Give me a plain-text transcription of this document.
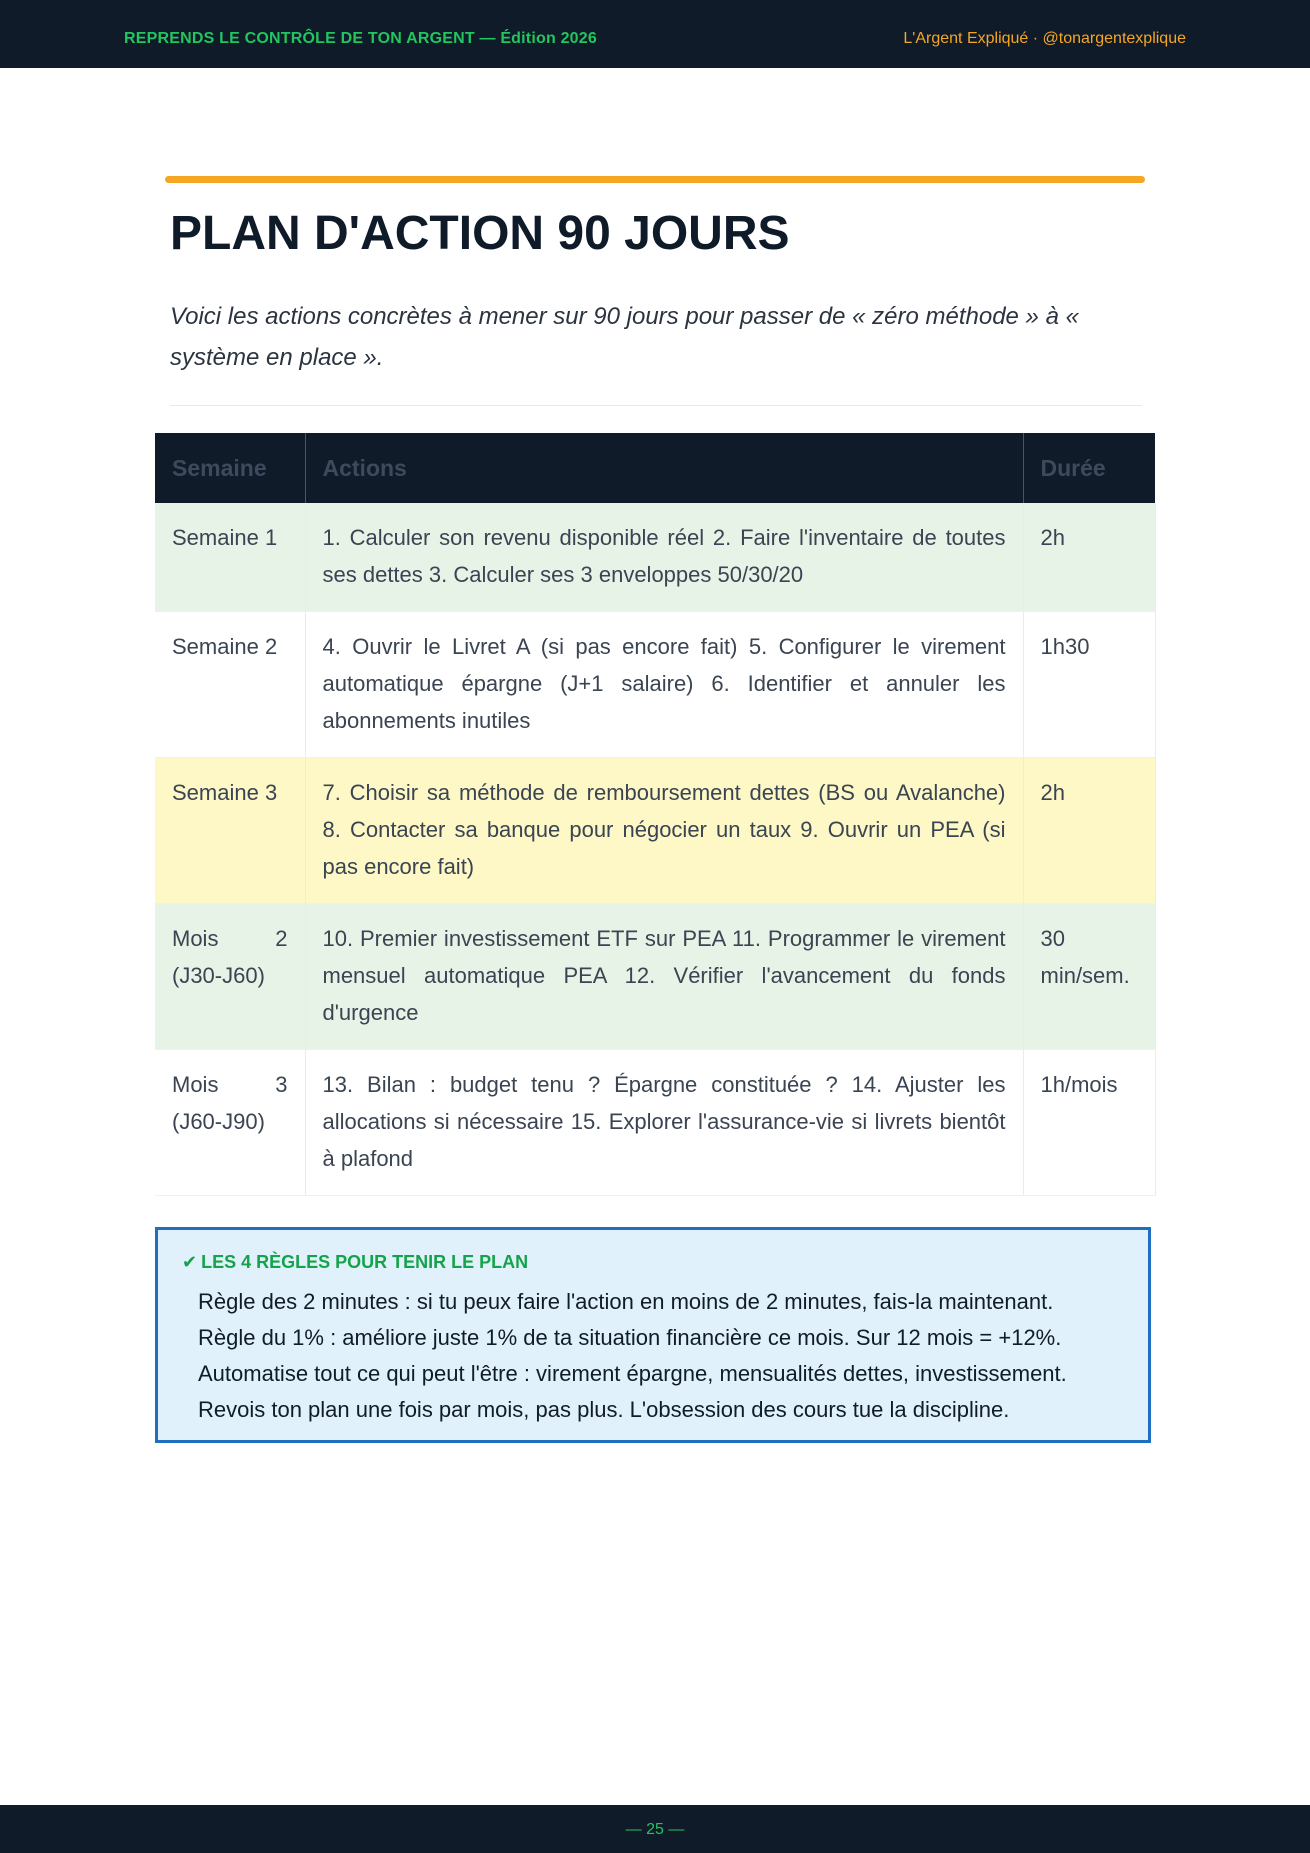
REPRENDS LE CONTRÔLE DE TON ARGENT — Édition 2026	L'Argent Expliqué · @tonargentexplique
PLAN D'ACTION 90 JOURS

Voici les actions concrètes à mener sur 90 jours pour passer de « zéro méthode » à « système en place ».

Semaine	Actions	Durée
Semaine 1	1. Calculer son revenu disponible réel 2. Faire l'inventaire de toutes ses dettes 3. Calculer ses 3 enveloppes 50/30/20	2h
Semaine 2	4. Ouvrir le Livret A (si pas encore fait) 5. Configurer le virement automatique épargne (J+1 salaire) 6. Identifier et annuler les abonnements inutiles	1h30
Semaine 3	7. Choisir sa méthode de remboursement dettes (BS ou Avalanche) 8. Contacter sa banque pour négocier un taux 9. Ouvrir un PEA (si pas encore fait)	2h
Mois 2 (J30-J60)	10. Premier investissement ETF sur PEA 11. Programmer le virement mensuel automatique PEA 12. Vérifier l'avancement du fonds d'urgence	30 min/sem.
Mois 3 (J60-J90)	13. Bilan : budget tenu ? Épargne constituée ? 14. Ajuster les allocations si nécessaire 15. Explorer l'assurance-vie si livrets bientôt à plafond	1h/mois
✔ LES 4 RÈGLES POUR TENIR LE PLAN
Règle des 2 minutes : si tu peux faire l'action en moins de 2 minutes, fais-la maintenant.
Règle du 1% : améliore juste 1% de ta situation financière ce mois. Sur 12 mois = +12%.
Automatise tout ce qui peut l'être : virement épargne, mensualités dettes, investissement.
Revois ton plan une fois par mois, pas plus. L'obsession des cours tue la discipline.
— 25 —
